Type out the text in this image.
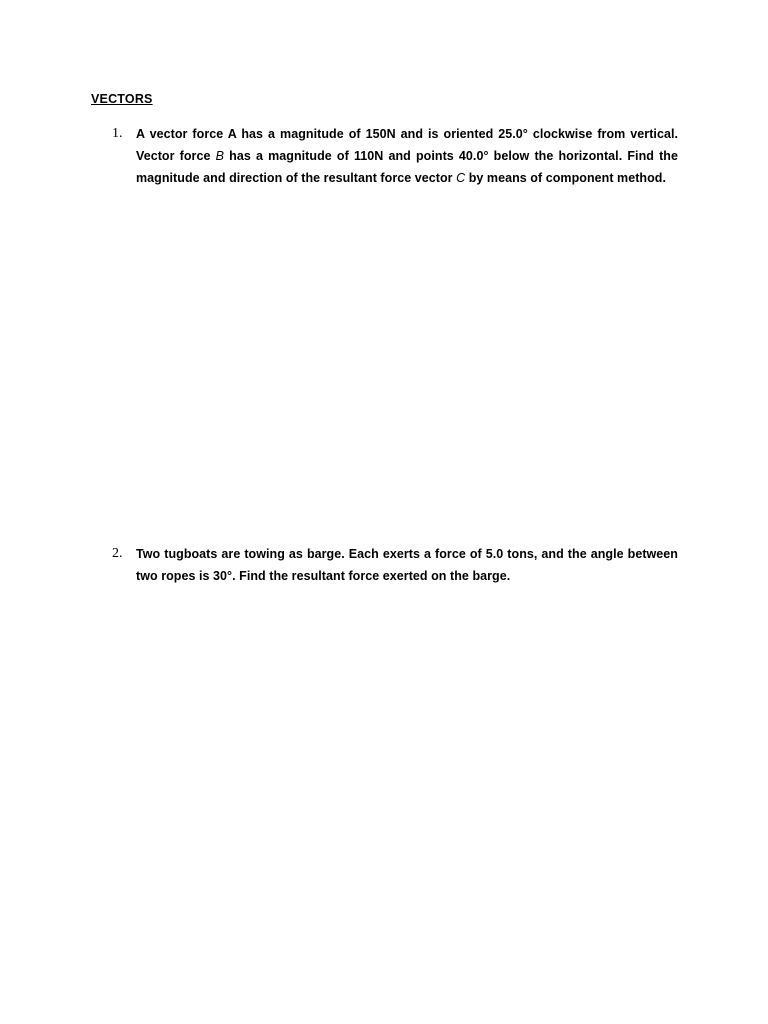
VECTORS
1. A vector force A has a magnitude of 150N and is oriented 25.0° clockwise from vertical. Vector force B has a magnitude of 110N and points 40.0° below the horizontal. Find the magnitude and direction of the resultant force vector C by means of component method.
2. Two tugboats are towing as barge. Each exerts a force of 5.0 tons, and the angle between two ropes is 30°. Find the resultant force exerted on the barge.
